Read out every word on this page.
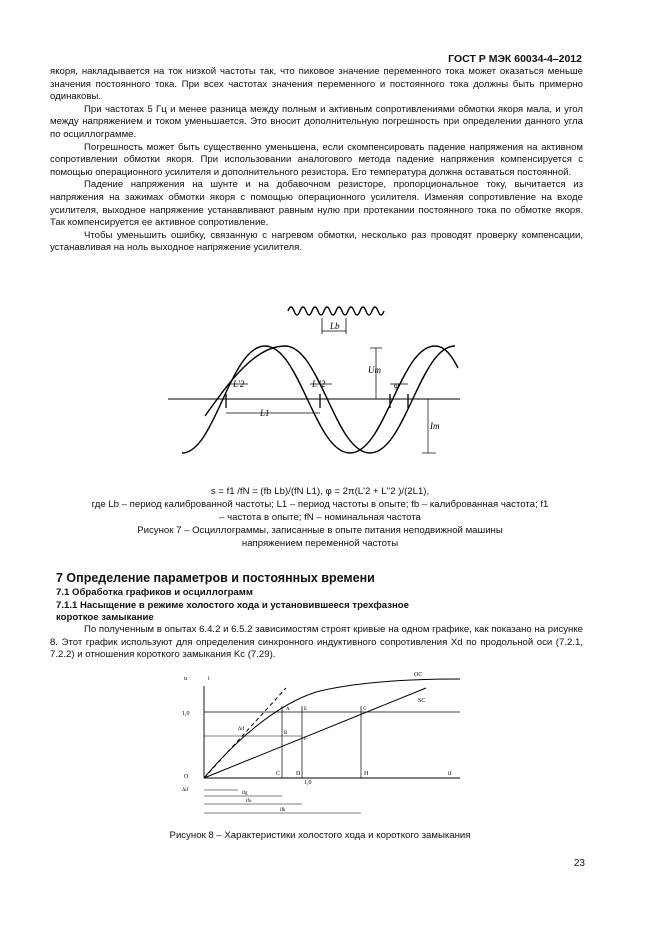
ГОСТ Р МЭК 60034-4–2012

якоря, накладывается на ток низкой частоты так, что пиковое значение переменного тока может оказаться меньше значения постоянного тока. При всех частотах значения переменного и постоянного тока должны быть примерно одинаковы.

При частотах 5 Гц и менее разница между полным и активным сопротивлениями обмотки якоря мала, и угол между напряжением и током уменьшается. Это вносит дополнительную погрешность при определении данного угла по осциллограмме.

Погрешность может быть существенно уменьшена, если скомпенсировать падение напряжения на активном сопротивлении обмотки якоря. При использовании аналогового метода падение напряжения компенсируется с помощью операционного усилителя и дополнительного резистора. Его температура должна оставаться постоянной.

Падение напряжения на шунте и на добавочном резисторе, пропорциональное току, вычитается из напряжения на зажимах обмотки якоря с помощью операционного усилителя. Изменяя сопротивление на входе усилителя, выходное напряжение устанавливают равным нулю при протекании постоянного тока по обмотке якоря. Так компенсируется ее активное сопротивление.

Чтобы уменьшить ошибку, связанную с нагревом обмотки, несколько раз проводят проверку компенсации, устанавливая на ноль выходное напряжение усилителя.

Lb
L'2	L''2
L1
φ
Um
Im
s = f1 /fN = (fb Lb)/(fN L1), φ = 2π(L'2 + L''2 )/(2L1),
где Lb – период калиброванной частоты; L1 – период частоты в опыте; fb – калиброванная частота; f1
– частота в опыте; fN – номинальная частота
Рисунок 7 – Осциллограммы, записанные в опыте питания неподвижной машины
напряжением переменной частоты
7 Определение параметров и постоянных времени
7.1 Обработка графиков и осциллограмм
7.1.1 Насыщение в режиме холостого хода и установившееся трехфазное
короткое замыкание
По полученным в опытах 6.4.2 и 6.5.2 зависимостям строят кривые на одном графике, как показано на рисунке 8. Этот график используют для определения синхронного индуктивного сопротивления Xd по продольной оси (7.2.1, 7.2.2) и отношения короткого замыкания Kc (7.29).
u	i
1,0
if
OC
SC
A	E	G
B
F
Δif
O	C	D	H
1,0
Δif
ifg
ifo
ifk
Рисунок 8 – Характеристики холостого хода и короткого замыкания
23
